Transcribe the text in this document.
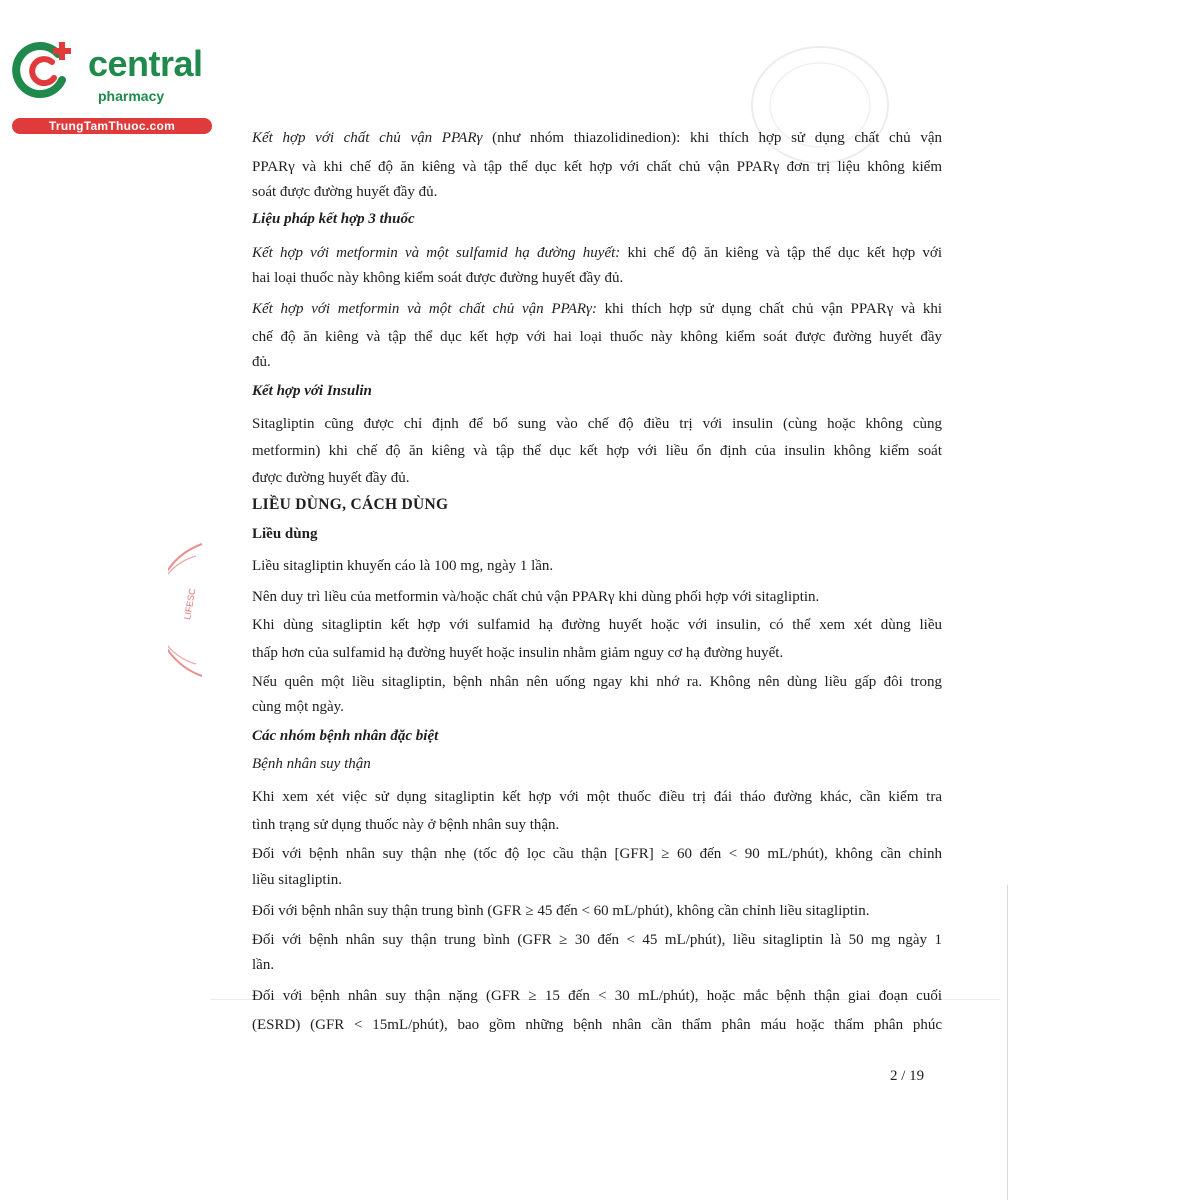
central
pharmacy
TrungTamThuoc.com
LIFESC
Kết hợp với chất chủ vận PPARγ (như nhóm thiazolidinedion): khi thích hợp sử dụng chất chủ vận
PPARγ và khi chế độ ăn kiêng và tập thể dục kết hợp với chất chủ vận PPARγ đơn trị liệu không kiểm
soát được đường huyết đầy đủ.
Liệu pháp kết hợp 3 thuốc
Kết hợp với metformin và một sulfamid hạ đường huyết: khi chế độ ăn kiêng và tập thể dục kết hợp với
hai loại thuốc này không kiểm soát được đường huyết đầy đủ.
Kết hợp với metformin và một chất chủ vận PPARγ: khi thích hợp sử dụng chất chủ vận PPARγ và khi
chế độ ăn kiêng và tập thể dục kết hợp với hai loại thuốc này không kiểm soát được đường huyết đầy
đủ.
Kết hợp với Insulin
Sitagliptin cũng được chỉ định để bổ sung vào chế độ điều trị với insulin (cùng hoặc không cùng
metformin) khi chế độ ăn kiêng và tập thể dục kết hợp với liều ổn định của insulin không kiểm soát
được đường huyết đầy đủ.
LIỀU DÙNG, CÁCH DÙNG
Liều dùng
Liều sitagliptin khuyến cáo là 100 mg, ngày 1 lần.
Nên duy trì liều của metformin và/hoặc chất chủ vận PPARγ khi dùng phối hợp với sitagliptin.
Khi dùng sitagliptin kết hợp với sulfamid hạ đường huyết hoặc với insulin, có thể xem xét dùng liều
thấp hơn của sulfamid hạ đường huyết hoặc insulin nhằm giảm nguy cơ hạ đường huyết.
Nếu quên một liều sitagliptin, bệnh nhân nên uống ngay khi nhớ ra. Không nên dùng liều gấp đôi trong
cùng một ngày.
Các nhóm bệnh nhân đặc biệt
Bệnh nhân suy thận
Khi xem xét việc sử dụng sitagliptin kết hợp với một thuốc điều trị đái tháo đường khác, cần kiểm tra
tình trạng sử dụng thuốc này ở bệnh nhân suy thận.
Đối với bệnh nhân suy thận nhẹ (tốc độ lọc cầu thận [GFR] ≥ 60 đến < 90 mL/phút), không cần chỉnh
liều sitagliptin.
Đối với bệnh nhân suy thận trung bình (GFR ≥ 45 đến < 60 mL/phút), không cần chỉnh liều sitagliptin.
Đối với bệnh nhân suy thận trung bình (GFR ≥ 30 đến < 45 mL/phút), liều sitagliptin là 50 mg ngày 1
lần.
Đối với bệnh nhân suy thận nặng (GFR ≥ 15 đến < 30 mL/phút), hoặc mắc bệnh thận giai đoạn cuối
(ESRD) (GFR < 15mL/phút), bao gồm những bệnh nhân cần thẩm phân máu hoặc thẩm phân phúc
2 / 19
